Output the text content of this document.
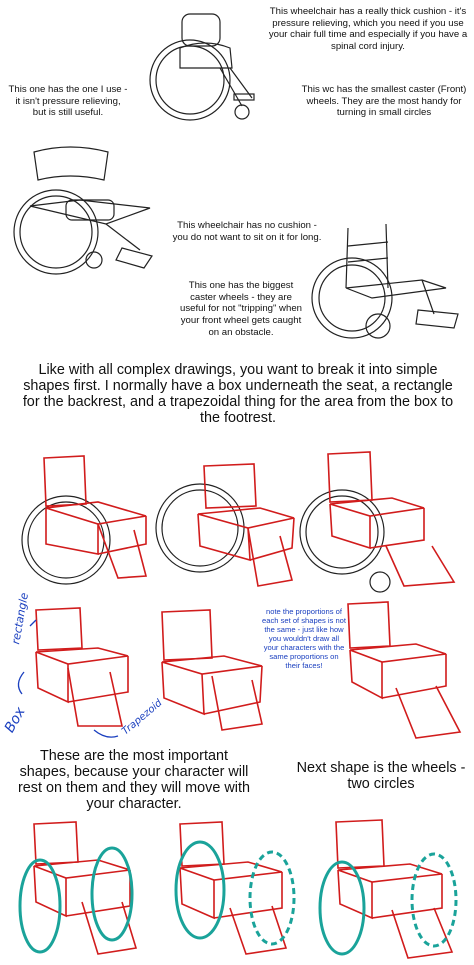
This wheelchair has a really thick cushion - it's pressure relieving, which you need if you use your chair full time and especially if you have a spinal cord injury.
This one has the one I use - it isn't pressure relieving, but is still useful.
This wc has the smallest caster (Front) wheels. They are the most handy for turning in small circles
This wheelchair has no cushion - you do not want to sit on it for long.
This one has the biggest caster wheels - they are useful for not "tripping" when your front wheel gets caught on an obstacle.
Like with all complex drawings, you want to break it into simple shapes first. I normally have a box underneath the seat, a rectangle for the backrest, and a trapezoidal thing for the area from the box to the footrest.
rectangle
Box	Trapezoid
note the proportions of each set of shapes is not the same - just like how you wouldn't draw all your characters with the same proportions on their faces!
These are the most important shapes, because your character will rest on them and they will move with your character.
Next shape is the wheels - two circles
